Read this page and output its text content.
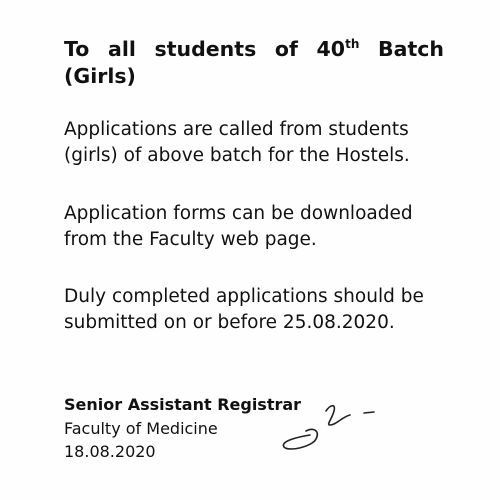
To all students of 40th Batch
(Girls)

Applications are called from students
(girls) of above batch for the Hostels.

Application forms can be downloaded
from the Faculty web page.

Duly completed applications should be
submitted on or before 25.08.2020.

Senior Assistant Registrar
Faculty of Medicine
18.08.2020
